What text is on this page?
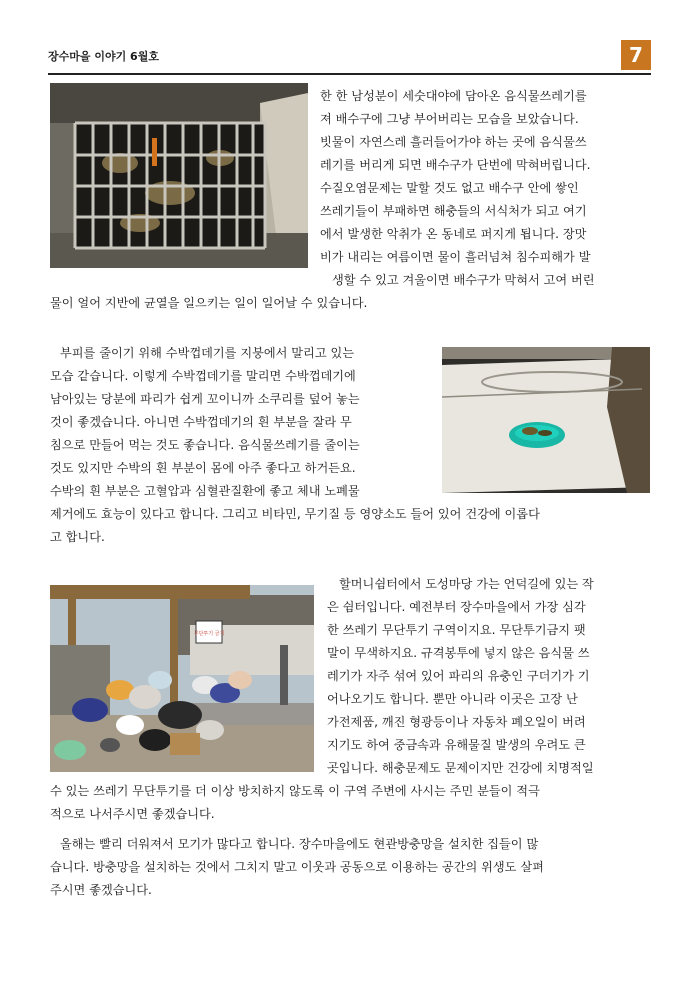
장수마을 이야기 6월호	7
한 한 남성분이 세숫대야에 담아온 음식물쓰레기를
져 배수구에 그냥 부어버리는 모습을 보았습니다.
빗물이 자연스레 흘러들어가야 하는 곳에 음식물쓰
레기를 버리게 되면 배수구가 단번에 막혀버립니다.
수질오염문제는 말할 것도 없고 배수구 안에 쌓인
쓰레기들이 부패하면 해충들의 서식처가 되고 여기
에서 발생한 악취가 온 동네로 퍼지게 됩니다. 장맛
비가 내리는 여름이면 물이 흘러넘쳐 침수피해가 발
생할 수 있고 겨울이면 배수구가 막혀서 고여 버린
물이 얼어 지반에 균열을 일으키는 일이 일어날 수 있습니다.
부피를 줄이기 위해 수박껍데기를 지붕에서 말리고 있는
모습 같습니다. 이렇게 수박껍데기를 말리면 수박껍데기에
남아있는 당분에 파리가 쉽게 꼬이니까 소쿠리를 덮어 놓는
것이 좋겠습니다. 아니면 수박껍데기의 흰 부분을 잘라 무
침으로 만들어 먹는 것도 좋습니다. 음식물쓰레기를 줄이는
것도 있지만 수박의 흰 부분이 몸에 아주 좋다고 하거든요.
수박의 흰 부분은 고혈압과 심혈관질환에 좋고 체내 노폐물
제거에도 효능이 있다고 합니다. 그리고 비타민, 무기질 등 영양소도 들어 있어 건강에 이롭다
고 합니다.
무단투기 금지
할머니쉼터에서 도성마당 가는 언덕길에 있는 작
은 쉼터입니다. 예전부터 장수마을에서 가장 심각
한 쓰레기 무단투기 구역이지요. 무단투기금지 팻
말이 무색하지요. 규격봉투에 넣지 않은 음식물 쓰
레기가 자주 섞여 있어 파리의 유충인 구더기가 기
어나오기도 합니다. 뿐만 아니라 이곳은 고장 난
가전제품, 깨진 형광등이나 자동차 폐오일이 버려
지기도 하여 중금속과 유해물질 발생의 우려도 큰
곳입니다. 해충문제도 문제이지만 건강에 치명적일
수 있는 쓰레기 무단투기를 더 이상 방치하지 않도록 이 구역 주변에 사시는 주민 분들이 적극
적으로 나서주시면 좋겠습니다.
올해는 빨리 더워져서 모기가 많다고 합니다. 장수마을에도 현관방충망을 설치한 집들이 많
습니다. 방충망을 설치하는 것에서 그치지 말고 이웃과 공동으로 이용하는 공간의 위생도 살펴
주시면 좋겠습니다.
